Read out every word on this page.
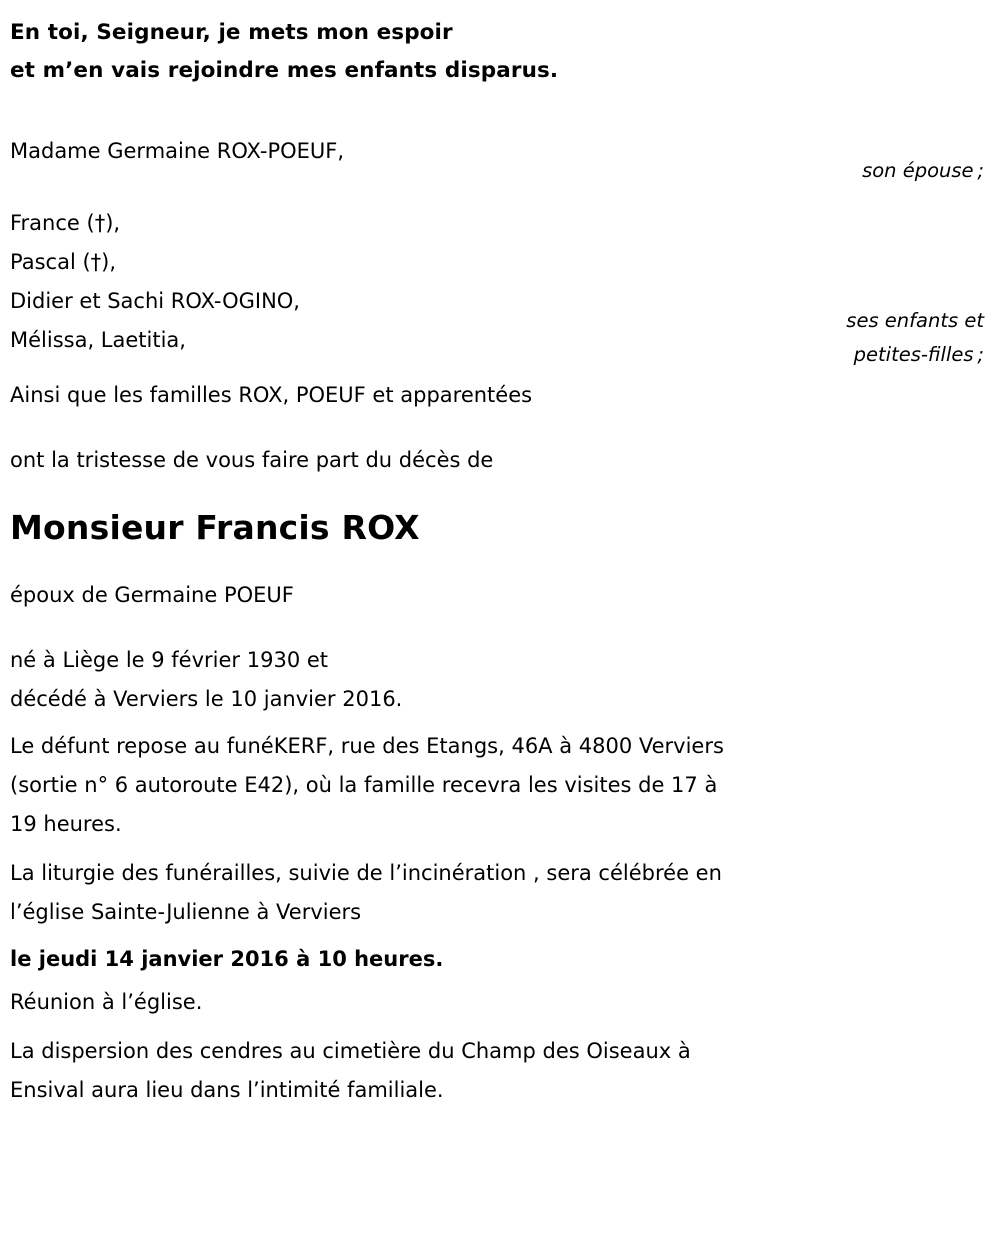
En toi, Seigneur, je mets mon espoir
et m’en vais rejoindre mes enfants disparus.
Madame Germaine ROX-POEUF,
son épouse ;
France (†),
Pascal (†),
Didier et Sachi ROX-OGINO,
Mélissa, Laetitia,
ses enfants et
petites-filles ;
Ainsi que les familles ROX, POEUF et apparentées
ont la tristesse de vous faire part du décès de
Monsieur Francis ROX
époux de Germaine POEUF
né à Liège le 9 février 1930 et
décédé à Verviers le 10 janvier 2016.
Le défunt repose au funéKERF, rue des Etangs, 46A à 4800 Verviers (sortie n° 6 autoroute E42), où la famille recevra les visites de 17 à 19 heures.
La liturgie des funérailles, suivie de l’incinération , sera célébrée en l’église Sainte-Julienne à Verviers
le jeudi 14 janvier 2016 à 10 heures.
Réunion à l’église.
La dispersion des cendres au cimetière du Champ des Oiseaux à Ensival aura lieu dans l’intimité familiale.
